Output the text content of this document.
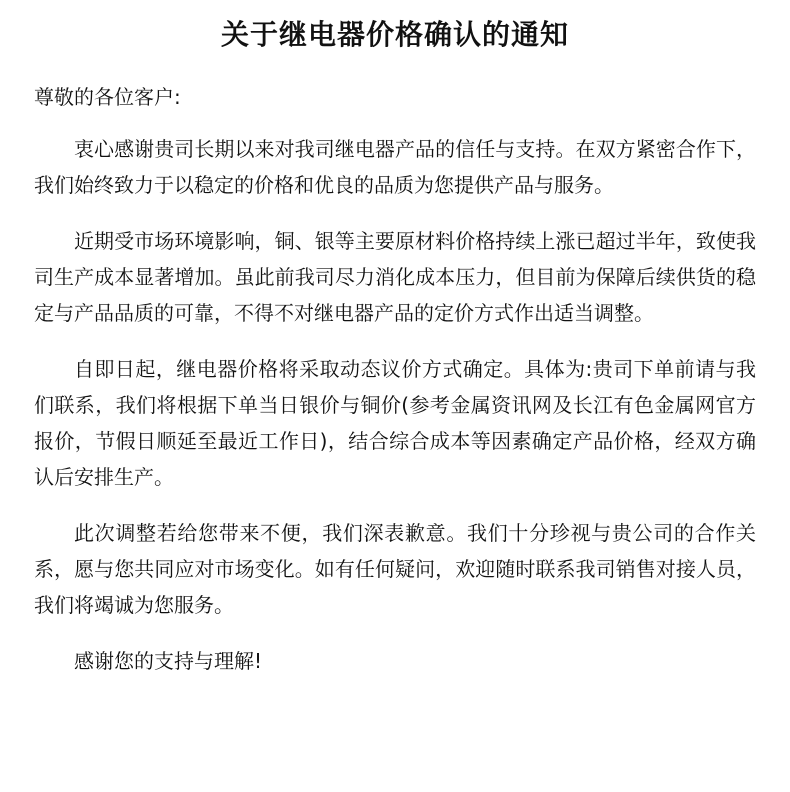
关于继电器价格确认的通知

尊敬的各位客户:

衷心感谢贵司长期以来对我司继电器产品的信任与支持。在双方紧密合作下，我们始终致力于以稳定的价格和优良的品质为您提供产品与服务。

近期受市场环境影响，铜、银等主要原材料价格持续上涨已超过半年，致使我司生产成本显著增加。虽此前我司尽力消化成本压力，但目前为保障后续供货的稳定与产品品质的可靠，不得不对继电器产品的定价方式作出适当调整。

自即日起，继电器价格将采取动态议价方式确定。具体为:贵司下单前请与我们联系，我们将根据下单当日银价与铜价(参考金属资讯网及长江有色金属网官方报价，节假日顺延至最近工作日)，结合综合成本等因素确定产品价格，经双方确认后安排生产。

此次调整若给您带来不便，我们深表歉意。我们十分珍视与贵公司的合作关系，愿与您共同应对市场变化。如有任何疑问，欢迎随时联系我司销售对接人员，我们将竭诚为您服务。

感谢您的支持与理解!
